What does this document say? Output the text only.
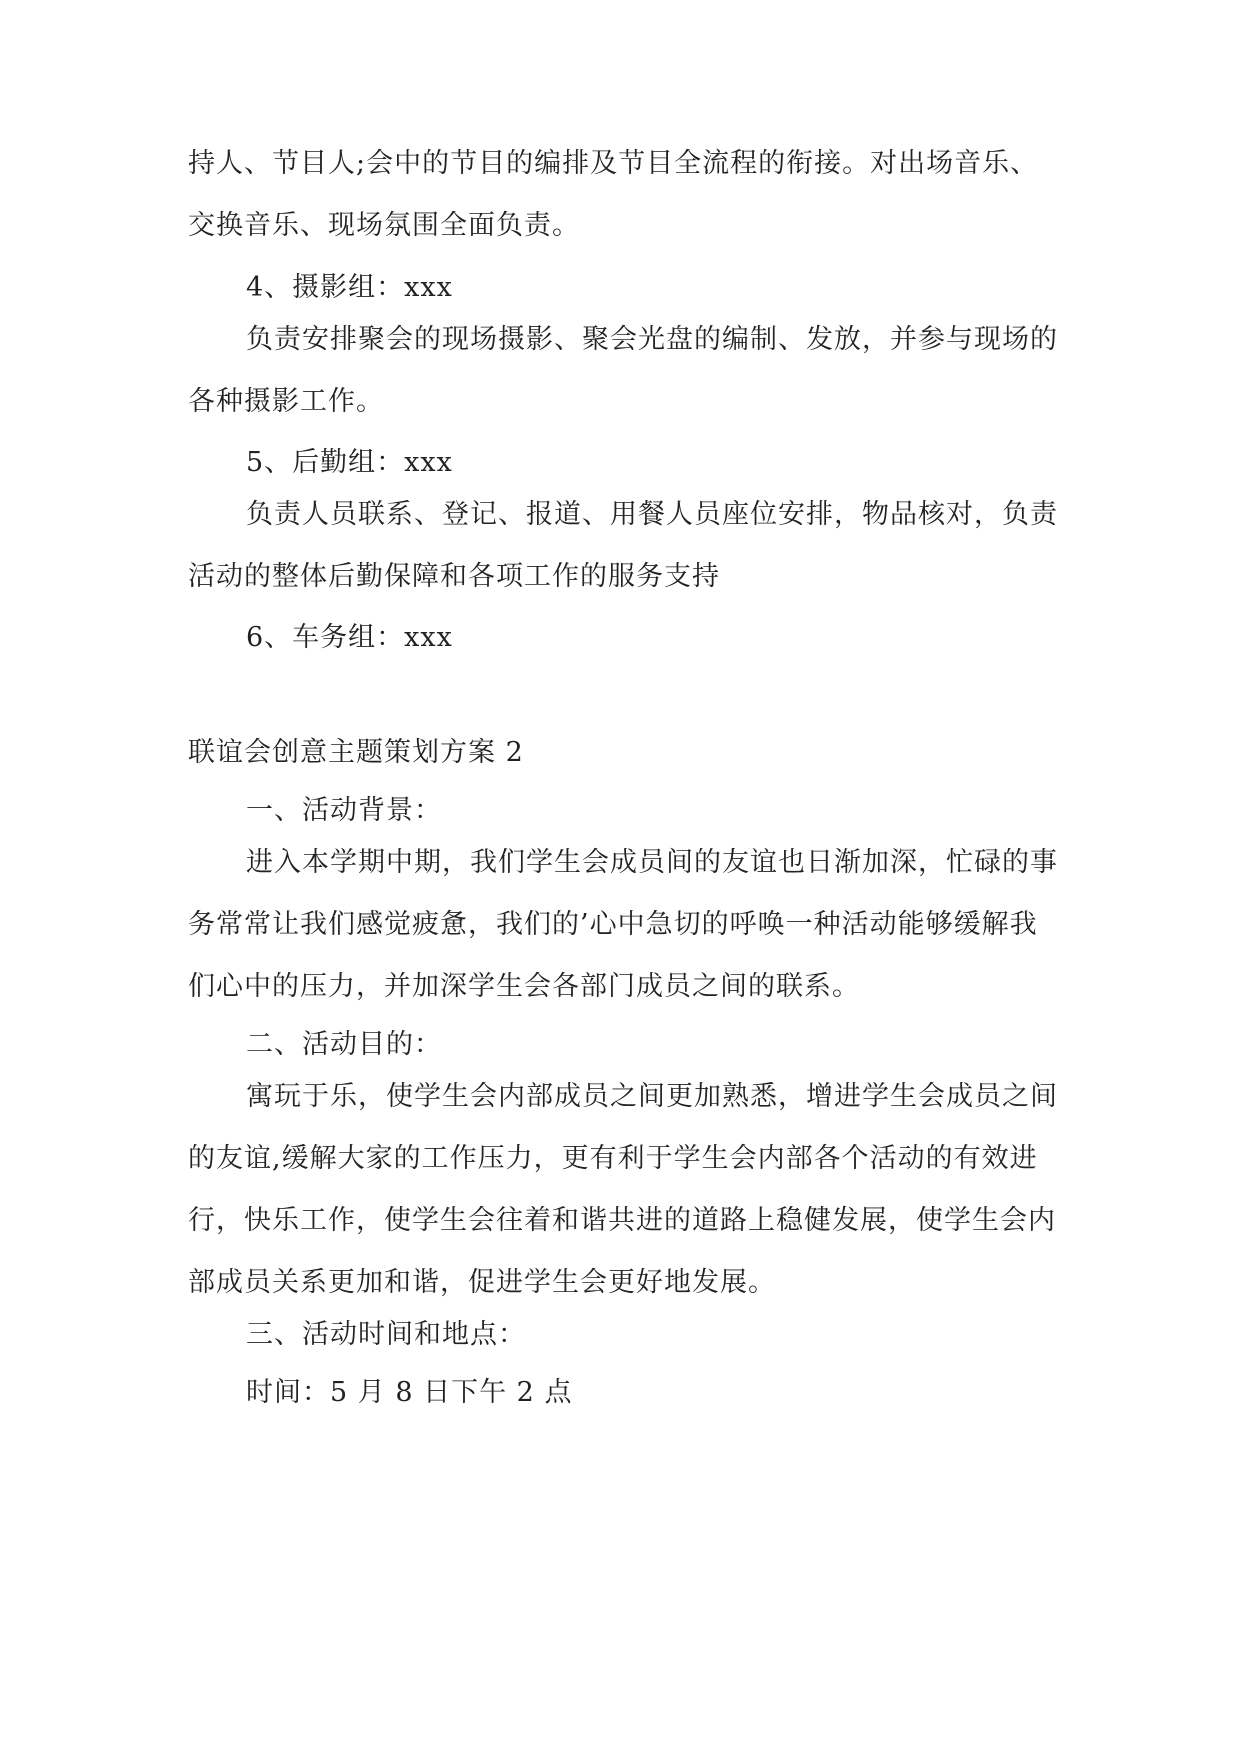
持人、节目人;会中的节目的编排及节目全流程的衔接。对出场音乐、交换音乐、现场氛围全面负责。
4、摄影组：xxx
负责安排聚会的现场摄影、聚会光盘的编制、发放，并参与现场的各种摄影工作。
5、后勤组：xxx
负责人员联系、登记、报道、用餐人员座位安排，物品核对，负责活动的整体后勤保障和各项工作的服务支持
6、车务组：xxx
联谊会创意主题策划方案 2
一、活动背景：
进入本学期中期，我们学生会成员间的友谊也日渐加深，忙碌的事务常常让我们感觉疲惫，我们的’心中急切的呼唤一种活动能够缓解我们心中的压力，并加深学生会各部门成员之间的联系。
二、活动目的：
寓玩于乐，使学生会内部成员之间更加熟悉，增进学生会成员之间的友谊,缓解大家的工作压力，更有利于学生会内部各个活动的有效进行，快乐工作，使学生会往着和谐共进的道路上稳健发展，使学生会内部成员关系更加和谐，促进学生会更好地发展。
三、活动时间和地点：
时间：5 月 8 日下午 2 点
